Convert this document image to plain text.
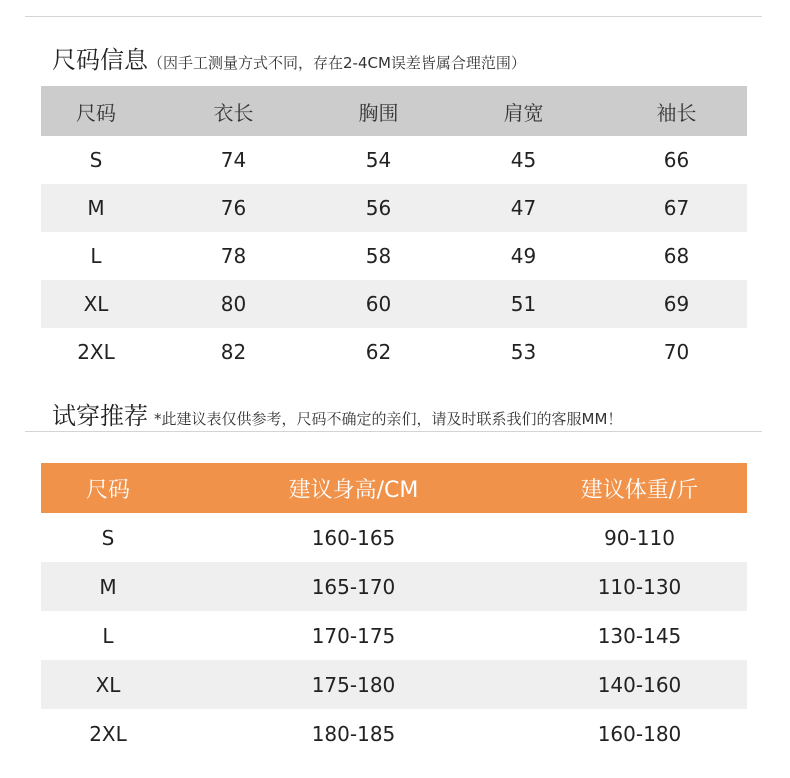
尺码信息（因手工测量方式不同，存在2-4CM误差皆属合理范围）
尺码	衣长	胸围	肩宽	袖长
S	74	54	45	66
M	76	56	47	67
L	78	58	49	68
XL	80	60	51	69
2XL	82	62	53	70
试穿推荐 *此建议表仅供参考，尺码不确定的亲们，请及时联系我们的客服MM！
尺码	建议身高/CM	建议体重/斤
S	160-165	90-110
M	165-170	110-130
L	170-175	130-145
XL	175-180	140-160
2XL	180-185	160-180
